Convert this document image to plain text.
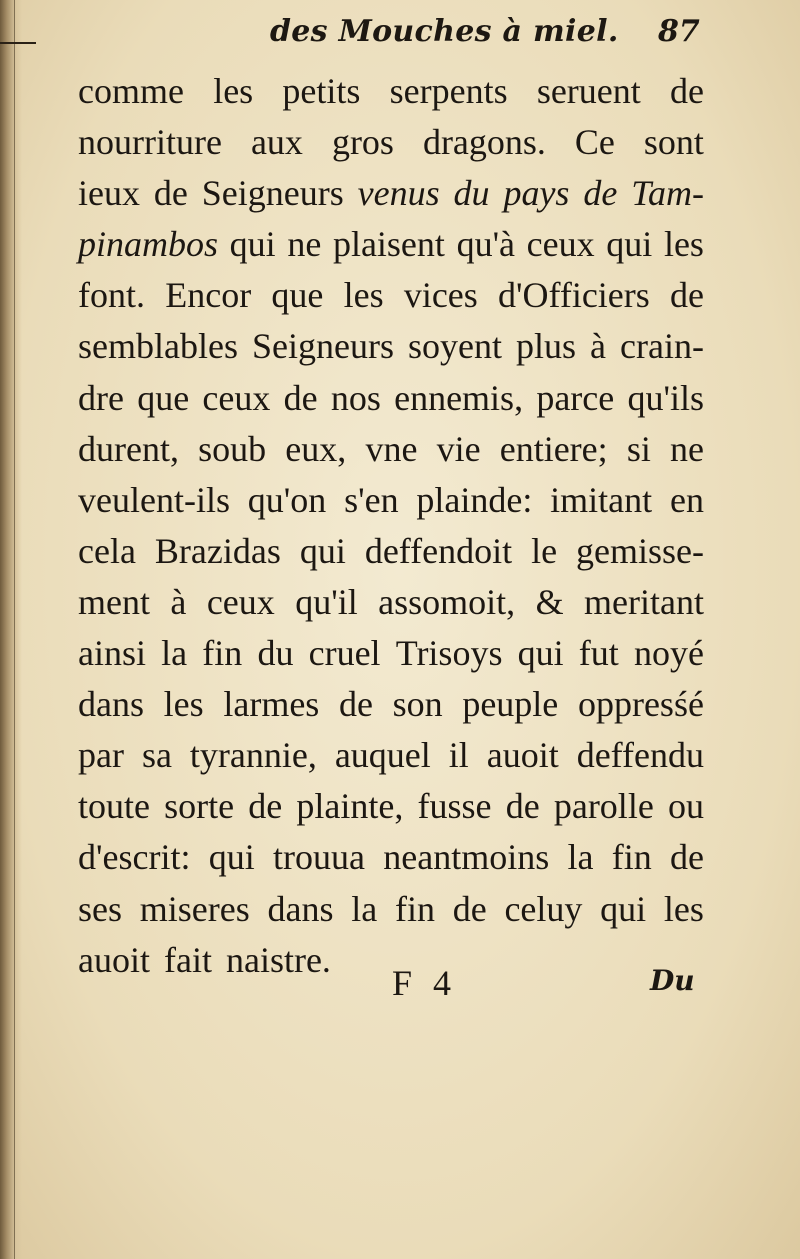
des Mouches à miel. 87
comme les petits serpents seruent de
nourriture aux gros dragons. Ce sont
ieux de Seigneurs venus du pays de Tam-
pinambos qui ne plaisent qu'à ceux qui les
font. Encor que les vices d'Officiers de
semblables Seigneurs soyent plus à crain-
dre que ceux de nos ennemis, parce qu'ils
durent, soub eux, vne vie entiere; si ne
veulent-ils qu'on s'en plainde: imitant en
cela Brazidas qui deffendoit le gemisse-
ment à ceux qu'il assomoit, & meritant
ainsi la fin du cruel Trisoys qui fut noyé
dans les larmes de son peuple oppresśé
par sa tyrannie, auquel il auoit deffendu
toute sorte de plainte, fusse de parolle ou
d'escrit: qui trouua neantmoins la fin de
ses miseres dans la fin de celuy qui les
auoit fait naistre.
F 4	Du
